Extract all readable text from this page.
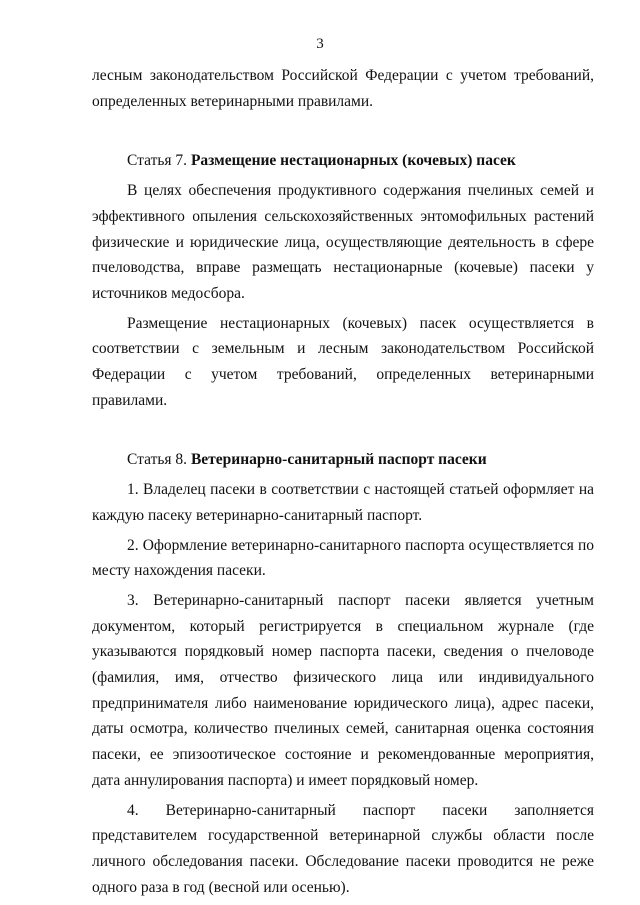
3

лесным законодательством Российской Федерации с учетом требований, определенных ветеринарными правилами.

Статья 7. Размещение нестационарных (кочевых) пасек

В целях обеспечения продуктивного содержания пчелиных семей и эффективного опыления сельскохозяйственных энтомофильных растений физические и юридические лица, осуществляющие деятельность в сфере пчеловодства, вправе размещать нестационарные (кочевые) пасеки у источников медосбора.

Размещение нестационарных (кочевых) пасек осуществляется в соответствии с земельным и лесным законодательством Российской Федерации с учетом требований, определенных ветеринарными правилами.

Статья 8. Ветеринарно-санитарный паспорт пасеки

1. Владелец пасеки в соответствии с настоящей статьей оформляет на каждую пасеку ветеринарно-санитарный паспорт.

2. Оформление ветеринарно-санитарного паспорта осуществляется по месту нахождения пасеки.

3. Ветеринарно-санитарный паспорт пасеки является учетным документом, который регистрируется в специальном журнале (где указываются порядковый номер паспорта пасеки, сведения о пчеловоде (фамилия, имя, отчество физического лица или индивидуального предпринимателя либо наименование юридического лица), адрес пасеки, даты осмотра, количество пчелиных семей, санитарная оценка состояния пасеки, ее эпизоотическое состояние и рекомендованные мероприятия, дата аннулирования паспорта) и имеет порядковый номер.

4. Ветеринарно-санитарный паспорт пасеки заполняется представителем государственной ветеринарной службы области после личного обследования пасеки. Обследование пасеки проводится не реже одного раза в год (весной или осенью).
